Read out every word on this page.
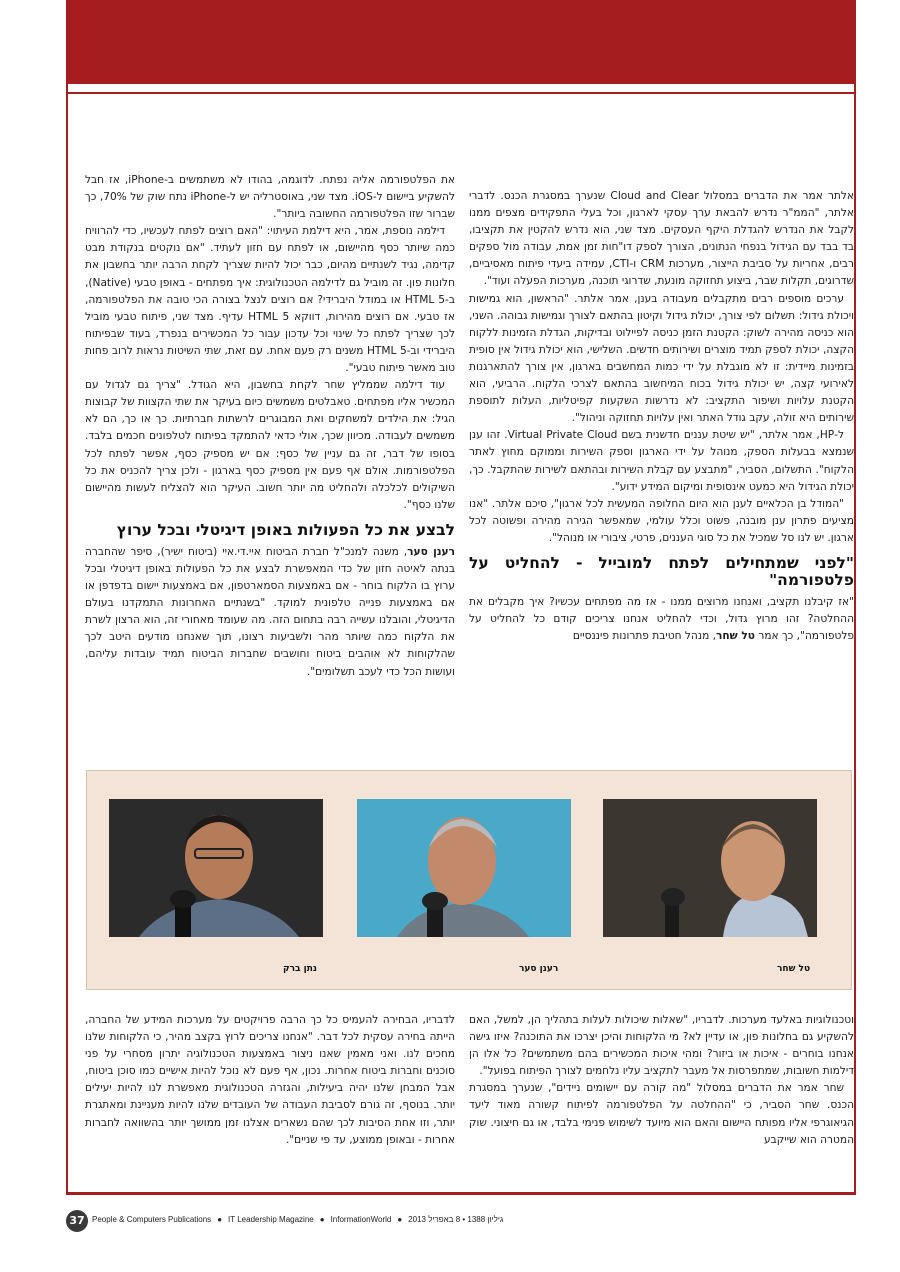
אלתר אמר את הדברים במסלול Cloud and Clear שנערך במסגרת הכנס. לדברי אלתר, "הממ"ר נדרש להבאת ערך עסקי לארגון, וכל בעלי התפקידים מצפים ממנו לקבל את הנדרש להגדלת היקף העסקים. מצד שני, הוא נדרש להקטין את תקציבו, בד בבד עם הגידול בנפחי הנתונים, הצורך לספק דו"חות זמן אמת, עבודה מול ספקים רבים, אחריות על סביבת הייצור, מערכות CRM ו-CTI, עמידה ביעדי פיתוח מאסיביים, שדרוגים, תקלות שבר, ביצוע תחזוקה מונעת, שדרוגי תוכנה, מערכות הפעלה ועוד".

ערכים מוספים רבים מתקבלים מעבודה בענן, אמר אלתר. "הראשון, הוא גמישות ויכולת גידול: תשלום לפי צורך, יכולת גידול וקיטון בהתאם לצורך וגמישות גבוהה. השני, הוא כניסה מהירה לשוק: הקטנת הזמן כניסה לפיילוט ובדיקות, הגדלת הזמינות ללקוח הקצה, יכולת לספק תמיד מוצרים ושירותים חדשים. השלישי, הוא יכולת גידול אין סופית בזמינות מיידית: זו לא מוגבלת על ידי כמות המחשבים בארגון, אין צורך להתארגנות לאירועי קצה, יש יכולת גידול בכוח המיחשוב בהתאם לצרכי הלקוח. הרביעי, הוא הקטנת עלויות ושיפור התקציב: לא נדרשות השקעות קפיטליות, העלות לתוספת שירותים היא זולה, עקב גודל האתר ואין עלויות תחזוקה וניהול".

ל-HP, אמר אלתר, "יש שיטת עננים חדשנית בשם Virtual Private Cloud. זהו ענן שנמצא בבעלות הספק, מנוהל על ידי הארגון וספק השירות וממוקם מחוץ לאתר הלקוח". התשלום, הסביר, "מתבצע עם קבלת השירות ובהתאם לשירות שהתקבל. כך, יכולת הגידול היא כמעט אינסופית ומיקום המידע ידוע".

"המודל בן הכלאיים לענן הוא היום החלופה המעשית לכל ארגון", סיכם אלתר. "אנו מציעים פתרון ענן מובנה, פשוט וכלל עולמי, שמאפשר הגירה מהירה ופשוטה לכל ארגון. יש לנו סל שמכיל את כל סוגי העננים, פרטי, ציבורי או מנוהל".

"לפני שמתחילים לפתח למובייל - להחליט על פלטפורמה"

"אז קיבלנו תקציב, ואנחנו מרוצים ממנו - אז מה מפתחים עכשיו? איך מקבלים את ההחלטה? זהו מרוץ גדול, וכדי להחליט אנחנו צריכים קודם כל להחליט על פלטפורמה", כך אמר טל שחר, מנהל חטיבת פתרונות פיננסיים

את הפלטפורמה אליה נפתח. לדוגמה, בהודו לא משתמשים ב-iPhone, אז חבל להשקיע ביישום ל-iOS. מצד שני, באוסטרליה יש ל-iPhone נתח שוק של 70%, כך שברור שזו הפלטפורמה החשובה ביותר".

דילמה נוספת, אמר, היא דילמת העיתוי: "האם רוצים לפתח לעכשיו, כדי להרוויח כמה שיותר כסף מהיישום, או לפתח עם חזון לעתיד. "אם נוקטים בנקודת מבט קדימה, נגיד לשנתיים מהיום, כבר יכול להיות שצריך לקחת הרבה יותר בחשבון את חלונות פון. זה מוביל גם לדילמה הטכנולוגית: איך מפתחים - באופן טבעי (Native), ב-HTML 5 או במודל היברידי? אם רוצים לנצל בצורה הכי טובה את הפלטפורמה, אז טבעי. אם רוצים מהירות, דווקא HTML 5 עדיף. מצד שני, פיתוח טבעי מוביל לכך שצריך לפתח כל שינוי וכל עדכון עבור כל המכשירים בנפרד, בעוד שבפיתוח היברידי וב-HTML 5 משנים רק פעם אחת. עם זאת, שתי השיטות נראות לרוב פחות טוב מאשר פיתוח טבעי".

עוד דילמה שממליץ שחר לקחת בחשבון, היא הגודל. "צריך גם לגדול עם המכשיר אליו מפתחים. טאבלטים משמשים כיום בעיקר את שתי הקצוות של קבוצות הגיל: את הילדים למשחקים ואת המבוגרים לרשתות חברתיות. כך או כך, הם לא משמשים לעבודה. מכיוון שכך, אולי כדאי להתמקד בפיתוח לטלפונים חכמים בלבד. בסופו של דבר, זה גם עניין של כסף: אם יש מספיק כסף, אפשר לפתח לכל הפלטפורמות. אולם אף פעם אין מספיק כסף בארגון - ולכן צריך להכניס את כל השיקולים לכלכלה ולהחליט מה יותר חשוב. העיקר הוא להצליח לעשות מהיישום שלנו כסף".

לבצע את כל הפעולות באופן דיגיטלי ובכל ערוץ

רענן סער, משנה למנכ"ל חברת הביטוח איי.די.איי (ביטוח ישיר), סיפר שהחברה בנתה לאיטה חזון של כדי המאפשרת לבצע את כל הפעולות באופן דיגיטלי ובכל ערוץ בו הלקוח בוחר - אם באמצעות הסמארטפון, אם באמצעות יישום בדפדפן או אם באמצעות פנייה טלפונית למוקד. "בשנתיים האחרונות התמקדנו בעולם הדיגיטלי, והובלנו עשייה רבה בתחום הזה. מה שעומד מאחורי זה, הוא הרצון לשרת את הלקוח כמה שיותר מהר ולשביעות רצונו, תוך שאנחנו מודעים היטב לכך שהלקוחות לא אוהבים ביטוח וחושבים שחברות הביטוח תמיד עובדות עליהם, ועושות הכל כדי לעכב תשלומים".

טל שחר
רענן סער
נתן ברק

וטכנולוגיות באלעד מערכות. לדבריו, "שאלות שיכולות לעלות בתהליך הן, למשל, האם להשקיע גם בחלונות פון, או עדיין לא? מי הלקוחות והיכן יצרכו את התוכנה? איזו גישה אנחנו בוחרים - איכות או ביזור? ומהי איכות המכשירים בהם משתמשים? כל אלו הן דילמות חשובות, שמתפרסות אל מעבר לתקציב עליו נלחמים לצורך הפיתוח בפועל".

שחר אמר את הדברים במסלול "מה קורה עם יישומים ניידים", שנערך במסגרת הכנס. שחר הסביר, כי "ההחלטה על הפלטפורמה לפיתוח קשורה מאוד ליעד הגיאוגרפי אליו מפותח היישום והאם הוא מיועד לשימוש פנימי בלבד, או גם חיצוני. שוק המטרה הוא שייקבע

לדבריו, הבחירה להעמיס כל כך הרבה פרויקטים על מערכות המידע של החברה, הייתה בחירה עסקית לכל דבר. "אנחנו צריכים לרוץ בקצב מהיר, כי הלקוחות שלנו מחכים לנו. ואני מאמין שאנו ניצור באמצעות הטכנולוגיה יתרון מסחרי על פני סוכנים וחברות ביטוח אחרות. נכון, אף פעם לא נוכל להיות אישיים כמו סוכן ביטוח, אבל המבחן שלנו יהיה ביעילות, והגזרה הטכנולוגית מאפשרת לנו להיות יעילים יותר. בנוסף, זה גורם לסביבת העבודה של העובדים שלנו להיות מעניינת ומאתגרת יותר, וזו אחת הסיבות לכך שהם נשארים אצלנו זמן ממושך יותר בהשוואה לחברות אחרות - ובאופן ממוצע, עד פי שניים".

37 People & Computers Publications ● IT Leadership Magazine ● InformationWorld ● גיליון 1388 • 8 באפריל 2013
